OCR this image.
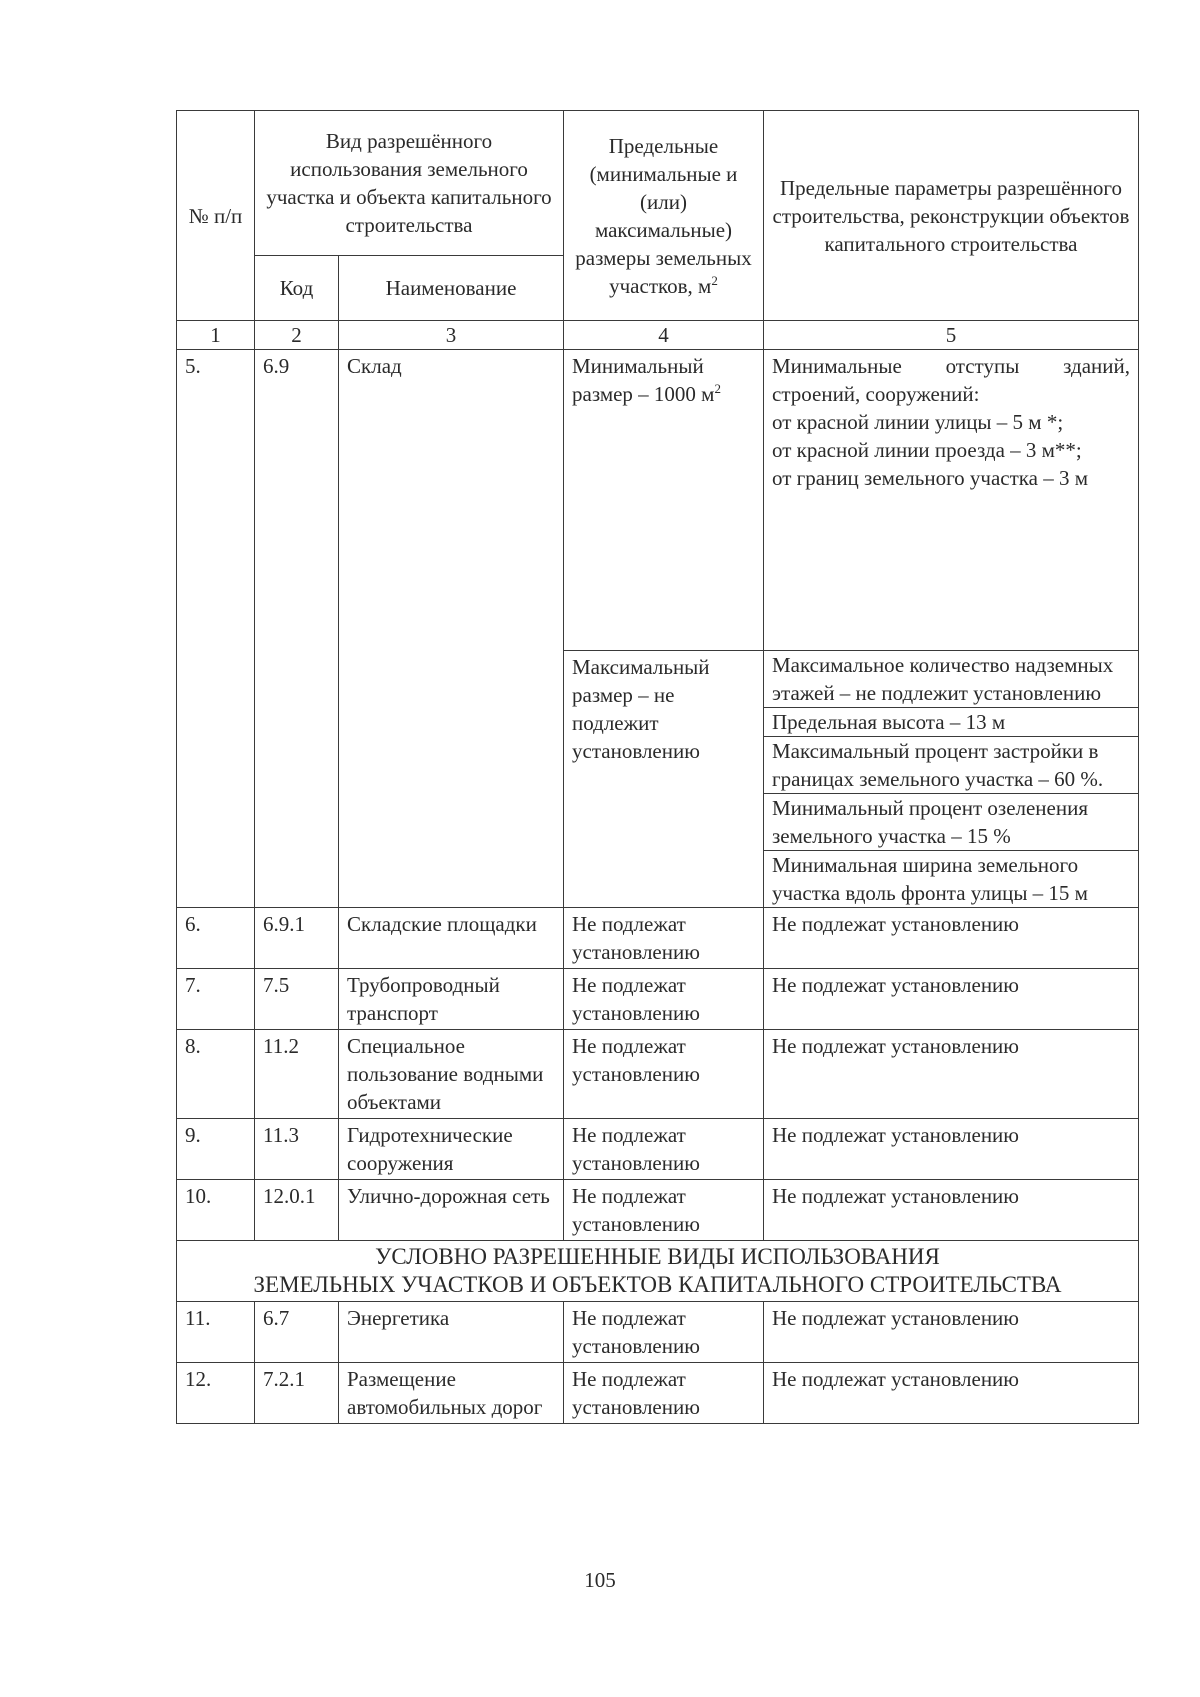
№ п/п	Вид разрешённого использования земельного участка и объекта капитального строительства		Предельные (минимальные и (или) максимальные) размеры земельных участков, $м^2$	Предельные параметры разрешённого строительства, реконструкции объектов капитального строительства
	Код	Наименование		
1	2	3	4	5
5.	6.9	Склад	Минимальный размер – 1000 $м^2$	Минимальные отступы зданий, строений, сооружений:
от красной линии улицы – 5 м *;
от красной линии проезда – 3 м**;
от границ земельного участка – 3 м

			Максимальный размер – не подлежит установлению	Максимальное количество надземных этажей – не подлежит установлению
Предельная высота – 13 м
Максимальный процент застройки в границах земельного участка – 60 %.
Минимальный процент озеленения земельного участка – 15 %
Минимальная ширина земельного участка вдоль фронта улицы – 15 м

6.	6.9.1	Складские площадки	Не подлежат установлению	Не подлежат установлению
7.	7.5	Трубопроводный транспорт	Не подлежат установлению	Не подлежат установлению
8.	11.2	Специальное пользование водными объектами	Не подлежат установлению	Не подлежат установлению
9.	11.3	Гидротехнические сооружения	Не подлежат установлению	Не подлежат установлению
10.	12.0.1	Улично-дорожная сеть	Не подлежат установлению	Не подлежат установлению

УСЛОВНО РАЗРЕШЕННЫЕ ВИДЫ ИСПОЛЬЗОВАНИЯ
ЗЕМЕЛЬНЫХ УЧАСТКОВ И ОБЪЕКТОВ КАПИТАЛЬНОГО СТРОИТЕЛЬСТВА				

11.	6.7	Энергетика	Не подлежат установлению	Не подлежат установлению
12.	7.2.1	Размещение автомобильных дорог	Не подлежат установлению	Не подлежат установлению
105
